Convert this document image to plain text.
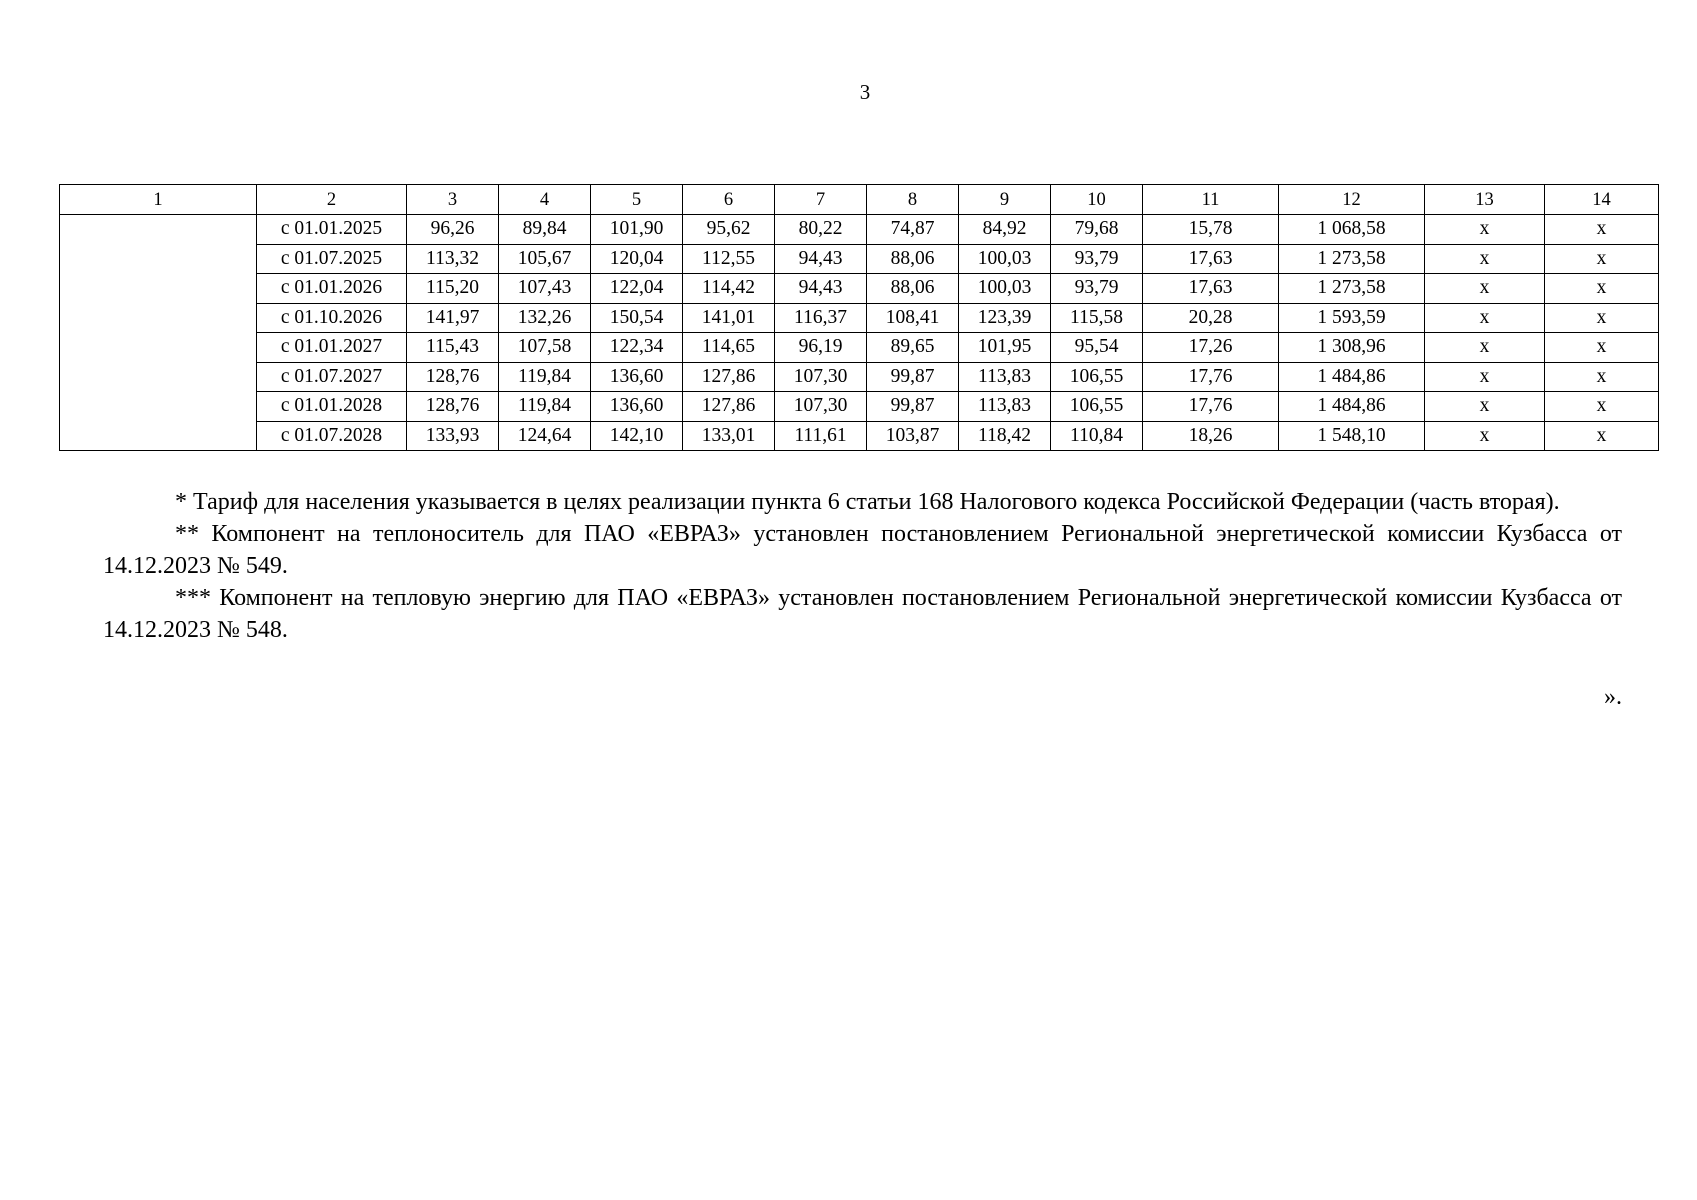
3
1	2	3	4	5	6	7	8	9	10	11	12	13	14
	с 01.01.2025	96,26	89,84	101,90	95,62	80,22	74,87	84,92	79,68	15,78	1 068,58	х	х
	с 01.07.2025	113,32	105,67	120,04	112,55	94,43	88,06	100,03	93,79	17,63	1 273,58	х	х
	с 01.01.2026	115,20	107,43	122,04	114,42	94,43	88,06	100,03	93,79	17,63	1 273,58	х	х
	с 01.10.2026	141,97	132,26	150,54	141,01	116,37	108,41	123,39	115,58	20,28	1 593,59	х	х
	с 01.01.2027	115,43	107,58	122,34	114,65	96,19	89,65	101,95	95,54	17,26	1 308,96	х	х
	с 01.07.2027	128,76	119,84	136,60	127,86	107,30	99,87	113,83	106,55	17,76	1 484,86	х	х
	с 01.01.2028	128,76	119,84	136,60	127,86	107,30	99,87	113,83	106,55	17,76	1 484,86	х	х
	с 01.07.2028	133,93	124,64	142,10	133,01	111,61	103,87	118,42	110,84	18,26	1 548,10	х	х

* Тариф для населения указывается в целях реализации пункта 6 статьи 168 Налогового кодекса Российской Федерации (часть вторая).

** Компонент на теплоноситель для ПАО «ЕВРАЗ» установлен постановлением Региональной энергетической комиссии Кузбасса от 14.12.2023 № 549.

*** Компонент на тепловую энергию для ПАО «ЕВРАЗ» установлен постановлением Региональной энергетической комиссии Кузбасса от 14.12.2023 № 548.

».
